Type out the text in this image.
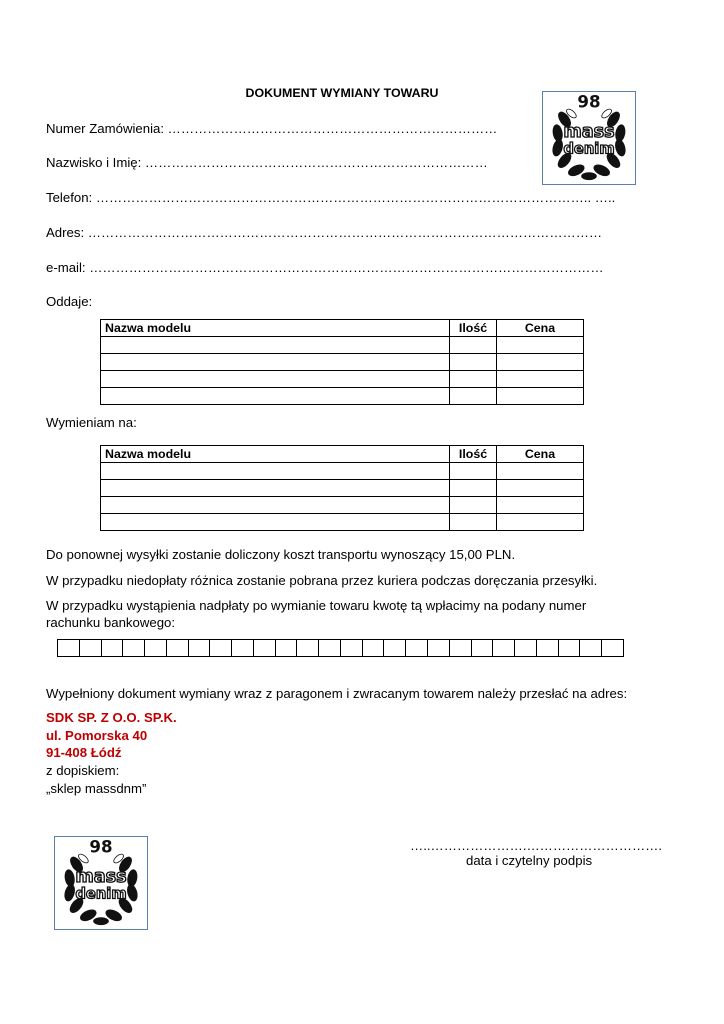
98
mass
denim
DOKUMENT WYMIANY TOWARU
Numer Zamówienia: …………………………………………………………………
Nazwisko i Imię: ……………………………………………………………………
Telefon: ………………………………………………………………………………………………….. …..
Adres: ………………………………………………………………………………………………………
e-mail: ………………………………………………………………………………………………………
Oddaje:
Nazwa modelu	Ilość	Cena

Wymieniam na:
Nazwa modelu	Ilość	Cena

Do ponownej wysyłki zostanie doliczony koszt transportu wynoszący 15,00 PLN.
W przypadku niedopłaty różnica zostanie pobrana przez kuriera podczas doręczania przesyłki.
W przypadku wystąpienia nadpłaty po wymianie towaru kwotę tą wpłacimy na podany numer
rachunku bankowego:
Wypełniony dokument wymiany wraz z paragonem i zwracanym towarem należy przesłać na adres:
SDK SP. Z O.O. SP.K.
ul. Pomorska 40
91-408 Łódź
z dopiskiem:
„sklep massdnm”
98
mass
denim
…..………………….………………………….
data i czytelny podpis
